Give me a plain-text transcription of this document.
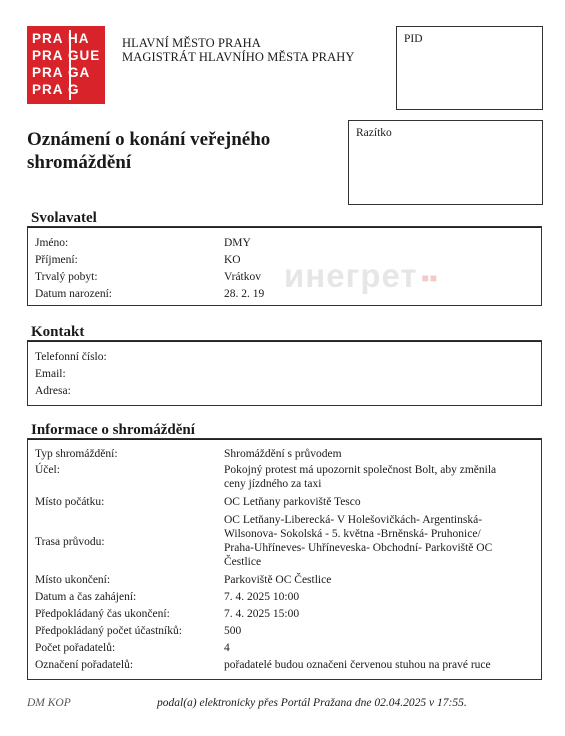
PRA HA
PRA GUE
PRA GA
PRA G
HLAVNÍ MĚSTO PRAHA
MAGISTRÁT HLAVNÍHO MĚSTA PRAHY
PID
Razítko
Oznámení o konání veřejného
shromáždění
Svolavatel
Jméno:	DMY
Příjmení:	KO
Trvalý pobyt:	Vrátkov
Datum narození:	28. 2. 19 инегрет ■■
Kontakt
Telefonní číslo:
Email:
Adresa:
Informace o shromáždění
Typ shromáždění:	Shromáždění s průvodem
Účel:	Pokojný protest má upozornit společnost Bolt, aby změnila
ceny jízdného za taxi
Místo počátku:	OC Letňany parkoviště Tesco
Trasa průvodu:
OC Letňany-Liberecká- V Holešovičkách- Argentinská-
Wilsonova- Sokolská - 5. května -Brněnská- Pruhonice/
Praha-Uhříneves- Uhříneveska- Obchodní- Parkoviště OC
Čestlice
Místo ukončení:	Parkoviště OC Čestlice
Datum a čas zahájení:	7. 4. 2025 10:00
Předpokládaný čas ukončení:	7. 4. 2025 15:00
Předpokládaný počet účastníků:	500
Počet pořadatelů:	4
Označení pořadatelů:	pořadatelé budou označeni červenou stuhou na pravé ruce
DM KOP	podal(a) elektronicky přes Portál Pražana dne 02.04.2025 v 17:55.
